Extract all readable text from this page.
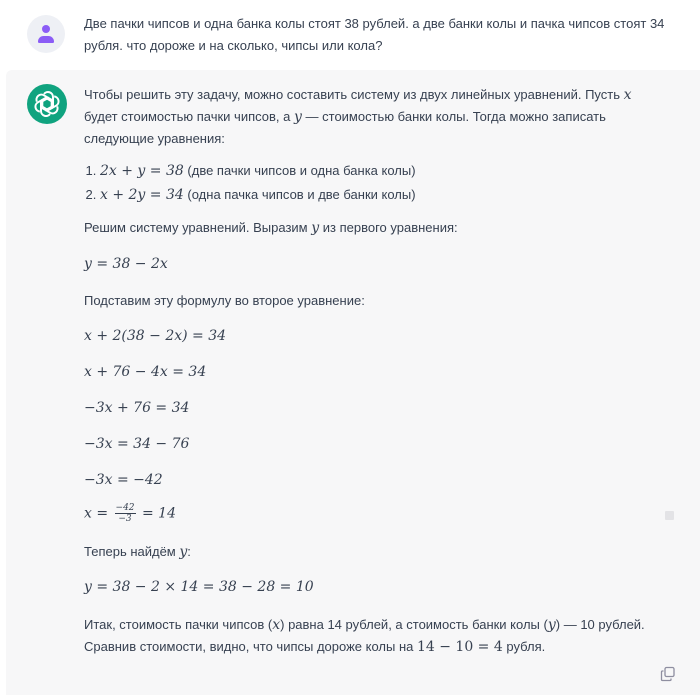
Две пачки чипсов и одна банка колы стоят 38 рублей. а две банки колы и пачка чипсов стоят 34 рубля. что дороже и на сколько, чипсы или кола?

Чтобы решить эту задачу, можно составить систему из двух линейных уравнений. Пусть x будет стоимостью пачки чипсов, а y — стоимостью банки колы. Тогда можно записать следующие уравнения:

1. 2x + y = 38 (две пачки чипсов и одна банка колы)
2. x + 2y = 34 (одна пачка чипсов и две банки колы)

Решим систему уравнений. Выразим y из первого уравнения:

y = 38 − 2x

Подставим эту формулу во второе уравнение:

x + 2(38 − 2x) = 34

x + 76 − 4x = 34

−3x + 76 = 34

−3x = 34 − 76

−3x = −42

$x = \frac{-42}{-3} = 14$

Теперь найдём y:

y = 38 − 2 × 14 = 38 − 28 = 10

Итак, стоимость пачки чипсов (x) равна 14 рублей, а стоимость банки колы (y) — 10 рублей. Сравнив стоимости, видно, что чипсы дороже колы на 14 − 10 = 4 рубля.
